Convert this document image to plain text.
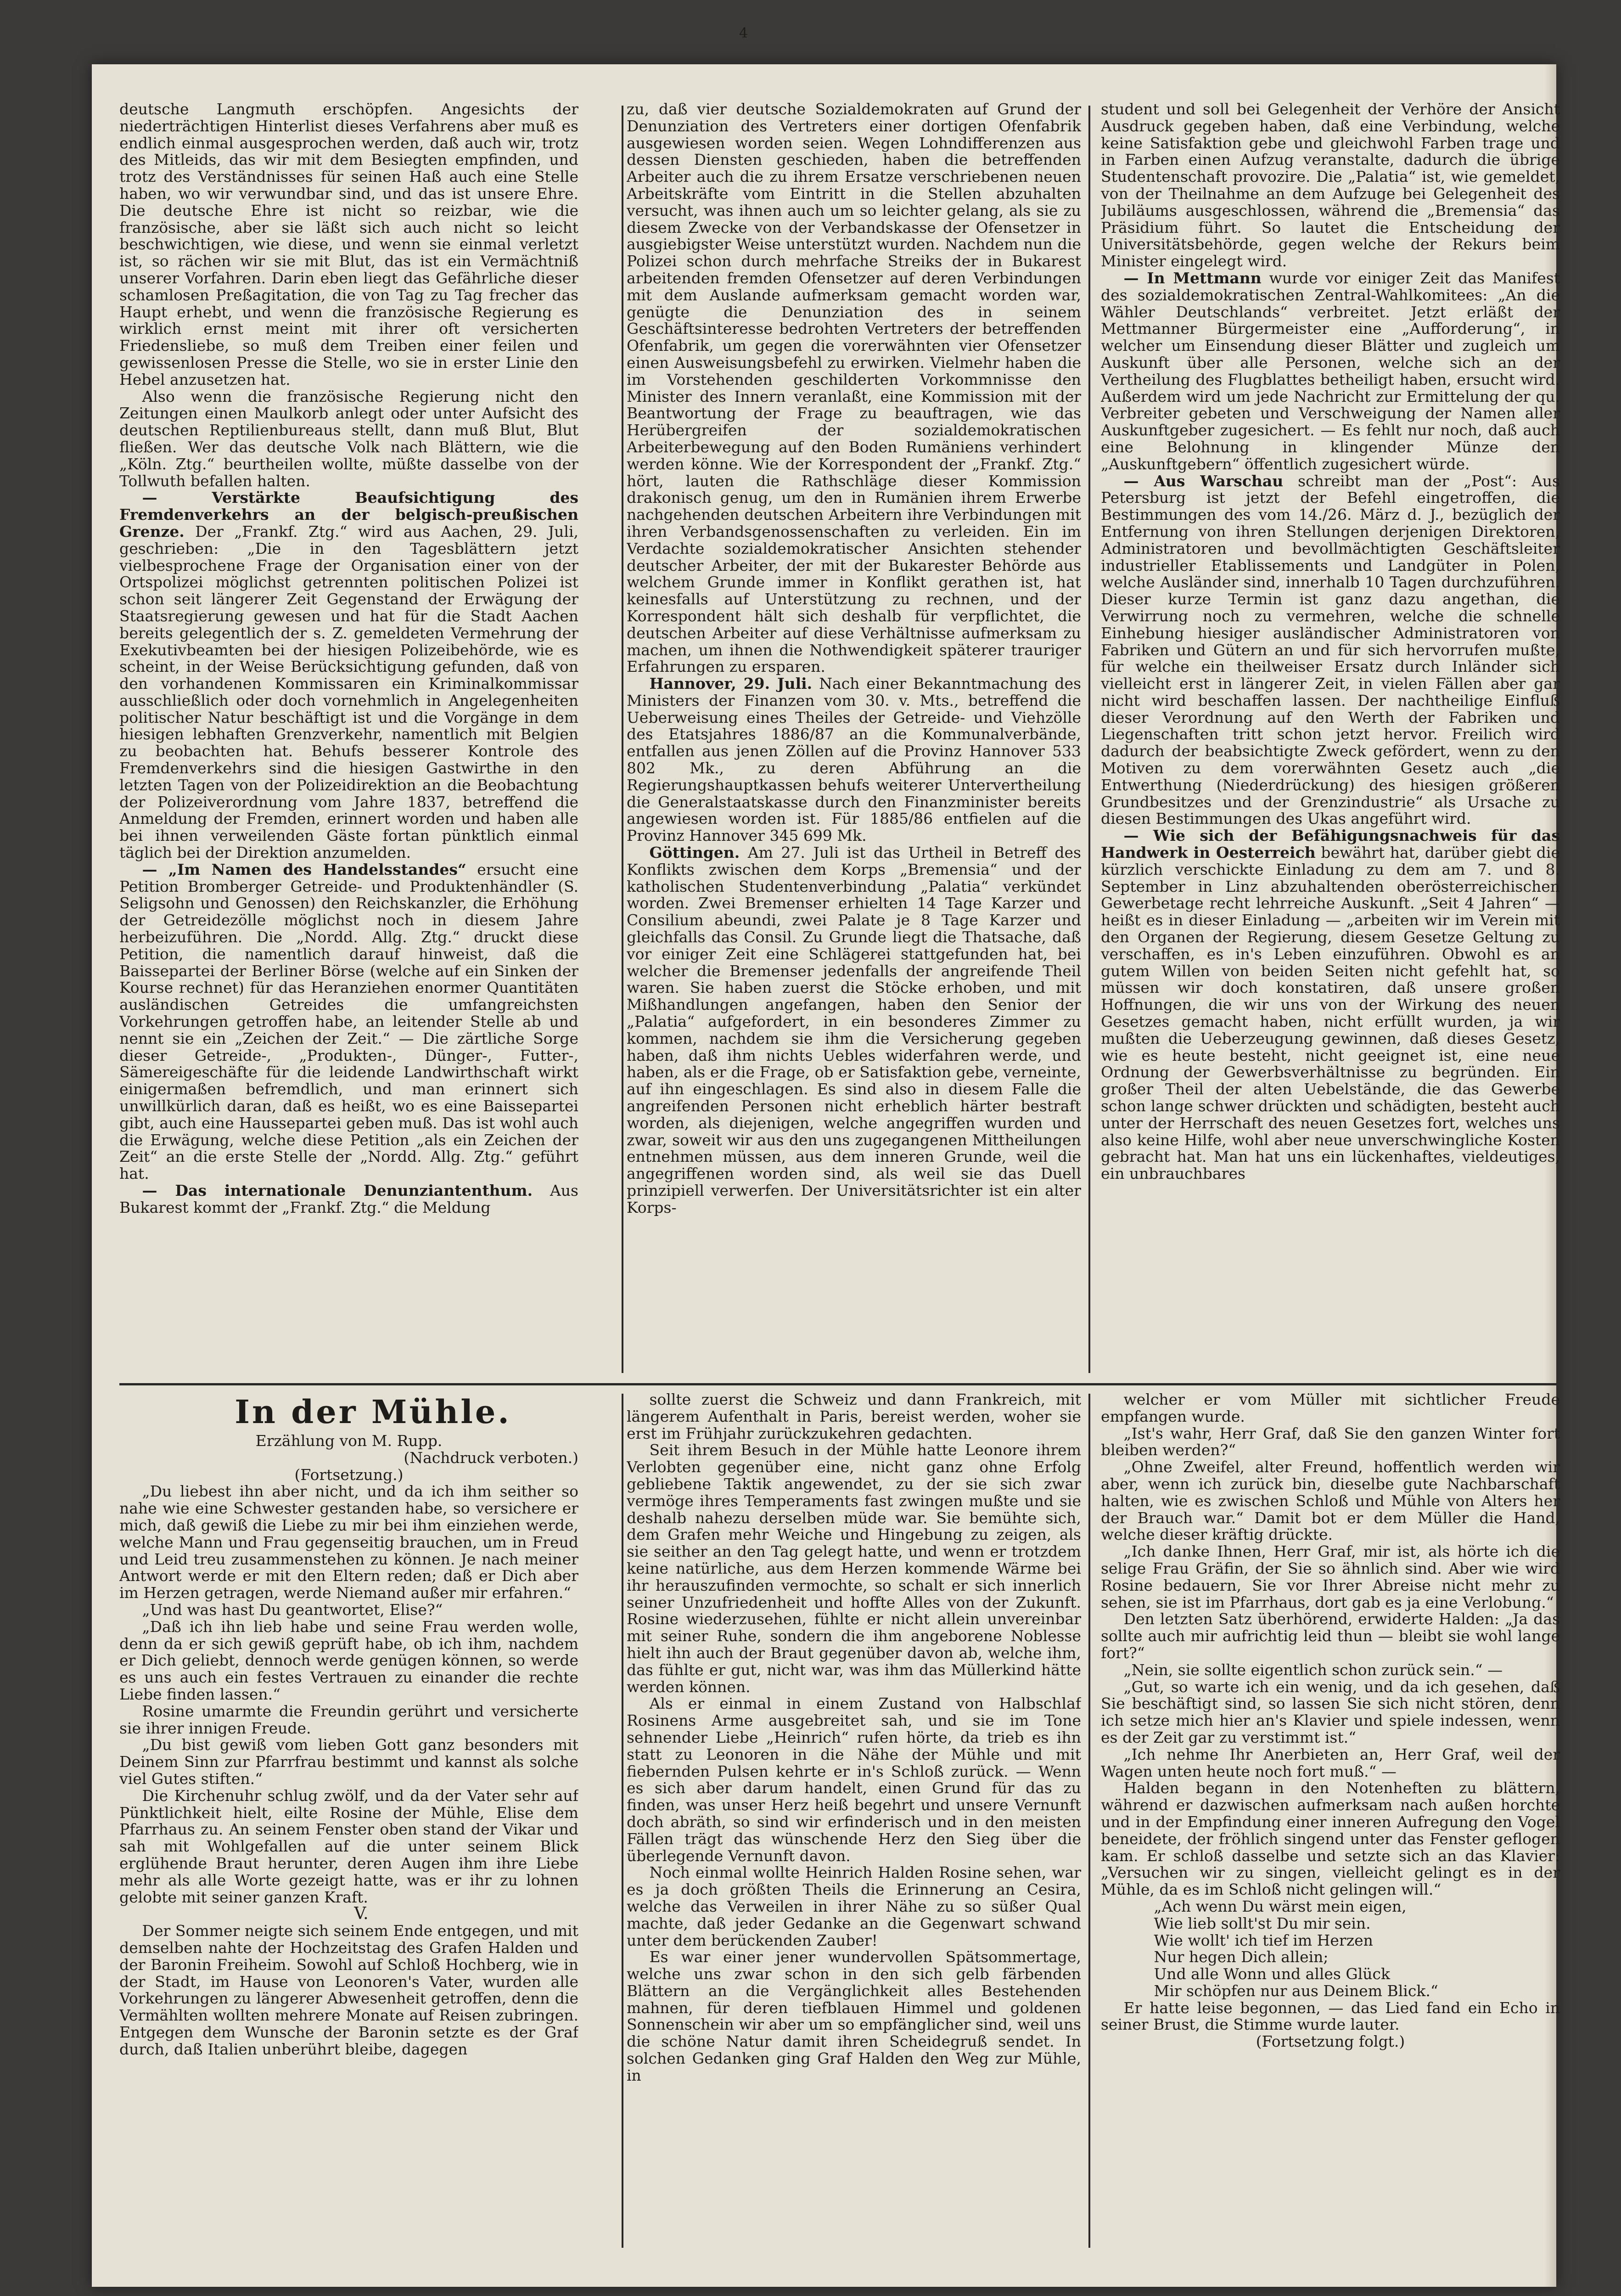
4

deutsche Langmuth erschöpfen. Angesichts der niederträchtigen Hinterlist dieses Verfahrens aber muß es endlich einmal ausgesprochen werden, daß auch wir, trotz des Mitleids, das wir mit dem Besiegten empfinden, und trotz des Verständnisses für seinen Haß auch eine Stelle haben, wo wir verwundbar sind, und das ist unsere Ehre. Die deutsche Ehre ist nicht so reizbar, wie die französische, aber sie läßt sich auch nicht so leicht beschwichtigen, wie diese, und wenn sie einmal verletzt ist, so rächen wir sie mit Blut, das ist ein Vermächtniß unserer Vorfahren. Darin eben liegt das Gefährliche dieser schamlosen Preßagitation, die von Tag zu Tag frecher das Haupt erhebt, und wenn die französische Regierung es wirklich ernst meint mit ihrer oft versicherten Friedensliebe, so muß dem Treiben einer feilen und gewissenlosen Presse die Stelle, wo sie in erster Linie den Hebel anzusetzen hat.

Also wenn die französische Regierung nicht den Zeitungen einen Maulkorb anlegt oder unter Aufsicht des deutschen Reptilienbureaus stellt, dann muß Blut, Blut fließen. Wer das deutsche Volk nach Blättern, wie die „Köln. Ztg.“ beurtheilen wollte, müßte dasselbe von der Tollwuth befallen halten.

— Verstärkte Beaufsichtigung des Fremdenverkehrs an der belgisch-preußischen Grenze. Der „Frankf. Ztg.“ wird aus Aachen, 29. Juli, geschrieben: „Die in den Tagesblättern jetzt vielbesprochene Frage der Organisation einer von der Ortspolizei möglichst getrennten politischen Polizei ist schon seit längerer Zeit Gegenstand der Erwägung der Staatsregierung gewesen und hat für die Stadt Aachen bereits gelegentlich der s. Z. gemeldeten Vermehrung der Exekutivbeamten bei der hiesigen Polizeibehörde, wie es scheint, in der Weise Berücksichtigung gefunden, daß von den vorhandenen Kommissaren ein Kriminalkommissar ausschließlich oder doch vornehmlich in Angelegenheiten politischer Natur beschäftigt ist und die Vorgänge in dem hiesigen lebhaften Grenzverkehr, namentlich mit Belgien zu beobachten hat. Behufs besserer Kontrole des Fremdenverkehrs sind die hiesigen Gastwirthe in den letzten Tagen von der Polizeidirektion an die Beobachtung der Polizeiverordnung vom Jahre 1837, betreffend die Anmeldung der Fremden, erinnert worden und haben alle bei ihnen verweilenden Gäste fortan pünktlich einmal täglich bei der Direktion anzumelden.

— „Im Namen des Handelsstandes“ ersucht eine Petition Bromberger Getreide- und Produktenhändler (S. Seligsohn und Genossen) den Reichskanzler, die Erhöhung der Getreidezölle möglichst noch in diesem Jahre herbeizuführen. Die „Nordd. Allg. Ztg.“ druckt diese Petition, die namentlich darauf hinweist, daß die Baissepartei der Berliner Börse (welche auf ein Sinken der Kourse rechnet) für das Heranziehen enormer Quantitäten ausländischen Getreides die umfangreichsten Vorkehrungen getroffen habe, an leitender Stelle ab und nennt sie ein „Zeichen der Zeit.“ — Die zärtliche Sorge dieser Getreide-, „Produkten-, Dünger-, Futter-, Sämereigeschäfte für die leidende Landwirthschaft wirkt einigermaßen befremdlich, und man erinnert sich unwillkürlich daran, daß es heißt, wo es eine Baissepartei gibt, auch eine Haussepartei geben muß. Das ist wohl auch die Erwägung, welche diese Petition „als ein Zeichen der Zeit“ an die erste Stelle der „Nordd. Allg. Ztg.“ geführt hat.

— Das internationale Denunziantenthum. Aus Bukarest kommt der „Frankf. Ztg.“ die Meldung

zu, daß vier deutsche Sozialdemokraten auf Grund der Denunziation des Vertreters einer dortigen Ofenfabrik ausgewiesen worden seien. Wegen Lohndifferenzen aus dessen Diensten geschieden, haben die betreffenden Arbeiter auch die zu ihrem Ersatze verschriebenen neuen Arbeitskräfte vom Eintritt in die Stellen abzuhalten versucht, was ihnen auch um so leichter gelang, als sie zu diesem Zwecke von der Verbandskasse der Ofensetzer in ausgiebigster Weise unterstützt wurden. Nachdem nun die Polizei schon durch mehrfache Streiks der in Bukarest arbeitenden fremden Ofensetzer auf deren Verbindungen mit dem Auslande aufmerksam gemacht worden war, genügte die Denunziation des in seinem Geschäftsinteresse bedrohten Vertreters der betreffenden Ofenfabrik, um gegen die vorerwähnten vier Ofensetzer einen Ausweisungsbefehl zu erwirken. Vielmehr haben die im Vorstehenden geschilderten Vorkommnisse den Minister des Innern veranlaßt, eine Kommission mit der Beantwortung der Frage zu beauftragen, wie das Herübergreifen der sozialdemokratischen Arbeiterbewegung auf den Boden Rumäniens verhindert werden könne. Wie der Korrespondent der „Frankf. Ztg.“ hört, lauten die Rathschläge dieser Kommission drakonisch genug, um den in Rumänien ihrem Erwerbe nachgehenden deutschen Arbeitern ihre Verbindungen mit ihren Verbandsgenossenschaften zu verleiden. Ein im Verdachte sozialdemokratischer Ansichten stehender deutscher Arbeiter, der mit der Bukarester Behörde aus welchem Grunde immer in Konflikt gerathen ist, hat keinesfalls auf Unterstützung zu rechnen, und der Korrespondent hält sich deshalb für verpflichtet, die deutschen Arbeiter auf diese Verhältnisse aufmerksam zu machen, um ihnen die Nothwendigkeit späterer trauriger Erfahrungen zu ersparen.

Hannover, 29. Juli. Nach einer Bekanntmachung des Ministers der Finanzen vom 30. v. Mts., betreffend die Ueberweisung eines Theiles der Getreide- und Viehzölle des Etatsjahres 1886/87 an die Kommunalverbände, entfallen aus jenen Zöllen auf die Provinz Hannover 533 802 Mk., zu deren Abführung an die Regierungshauptkassen behufs weiterer Untervertheilung die Generalstaatskasse durch den Finanzminister bereits angewiesen worden ist. Für 1885/86 entfielen auf die Provinz Hannover 345 699 Mk.

Göttingen. Am 27. Juli ist das Urtheil in Betreff des Konflikts zwischen dem Korps „Bremensia“ und der katholischen Studentenverbindung „Palatia“ verkündet worden. Zwei Bremenser erhielten 14 Tage Karzer und Consilium abeundi, zwei Palate je 8 Tage Karzer und gleichfalls das Consil. Zu Grunde liegt die Thatsache, daß vor einiger Zeit eine Schlägerei stattgefunden hat, bei welcher die Bremenser jedenfalls der angreifende Theil waren. Sie haben zuerst die Stöcke erhoben, und mit Mißhandlungen angefangen, haben den Senior der „Palatia“ aufgefordert, in ein besonderes Zimmer zu kommen, nachdem sie ihm die Versicherung gegeben haben, daß ihm nichts Uebles widerfahren werde, und haben, als er die Frage, ob er Satisfaktion gebe, verneinte, auf ihn eingeschlagen. Es sind also in diesem Falle die angreifenden Personen nicht erheblich härter bestraft worden, als diejenigen, welche angegriffen wurden und zwar, soweit wir aus den uns zugegangenen Mittheilungen entnehmen müssen, aus dem inneren Grunde, weil die angegriffenen worden sind, als weil sie das Duell prinzipiell verwerfen. Der Universitätsrichter ist ein alter Korps-

student und soll bei Gelegenheit der Verhöre der Ansicht Ausdruck gegeben haben, daß eine Verbindung, welche keine Satisfaktion gebe und gleichwohl Farben trage und in Farben einen Aufzug veranstalte, dadurch die übrige Studentenschaft provozire. Die „Palatia“ ist, wie gemeldet, von der Theilnahme an dem Aufzuge bei Gelegenheit des Jubiläums ausgeschlossen, während die „Bremensia“ das Präsidium führt. So lautet die Entscheidung der Universitätsbehörde, gegen welche der Rekurs beim Minister eingelegt wird.

— In Mettmann wurde vor einiger Zeit das Manifest des sozialdemokratischen Zentral-Wahlkomitees: „An die Wähler Deutschlands“ verbreitet. Jetzt erläßt der Mettmanner Bürgermeister eine „Aufforderung“, in welcher um Einsendung dieser Blätter und zugleich um Auskunft über alle Personen, welche sich an der Vertheilung des Flugblattes betheiligt haben, ersucht wird. Außerdem wird um jede Nachricht zur Ermittelung der qu. Verbreiter gebeten und Verschweigung der Namen aller Auskunftgeber zugesichert. — Es fehlt nur noch, daß auch eine Belohnung in klingender Münze den „Auskunftgebern“ öffentlich zugesichert würde.

— Aus Warschau schreibt man der „Post“: Aus Petersburg ist jetzt der Befehl eingetroffen, die Bestimmungen des vom 14./26. März d. J., bezüglich der Entfernung von ihren Stellungen derjenigen Direktoren, Administratoren und bevollmächtigten Geschäftsleiter industrieller Etablissements und Landgüter in Polen, welche Ausländer sind, innerhalb 10 Tagen durchzuführen. Dieser kurze Termin ist ganz dazu angethan, die Verwirrung noch zu vermehren, welche die schnelle Einhebung hiesiger ausländischer Administratoren von Fabriken und Gütern an und für sich hervorrufen mußte, für welche ein theilweiser Ersatz durch Inländer sich vielleicht erst in längerer Zeit, in vielen Fällen aber gar nicht wird beschaffen lassen. Der nachtheilige Einfluß dieser Verordnung auf den Werth der Fabriken und Liegenschaften tritt schon jetzt hervor. Freilich wird dadurch der beabsichtigte Zweck gefördert, wenn zu den Motiven zu dem vorerwähnten Gesetz auch „die Entwerthung (Niederdrückung) des hiesigen größeren Grundbesitzes und der Grenzindustrie“ als Ursache zu diesen Bestimmungen des Ukas angeführt wird.

— Wie sich der Befähigungsnachweis für das Handwerk in Oesterreich bewährt hat, darüber giebt die kürzlich verschickte Einladung zu dem am 7. und 8. September in Linz abzuhaltenden oberösterreichischen Gewerbetage recht lehrreiche Auskunft. „Seit 4 Jahren“ — heißt es in dieser Einladung — „arbeiten wir im Verein mit den Organen der Regierung, diesem Gesetze Geltung zu verschaffen, es in's Leben einzuführen. Obwohl es an gutem Willen von beiden Seiten nicht gefehlt hat, so müssen wir doch konstatiren, daß unsere großen Hoffnungen, die wir uns von der Wirkung des neuen Gesetzes gemacht haben, nicht erfüllt wurden, ja wir mußten die Ueberzeugung gewinnen, daß dieses Gesetz, wie es heute besteht, nicht geeignet ist, eine neue Ordnung der Gewerbsverhältnisse zu begründen. Ein großer Theil der alten Uebelstände, die das Gewerbe schon lange schwer drückten und schädigten, besteht auch unter der Herrschaft des neuen Gesetzes fort, welches uns also keine Hilfe, wohl aber neue unverschwingliche Kosten gebracht hat. Man hat uns ein lückenhaftes, vieldeutiges, ein unbrauchbares

In der Mühle.

Erzählung von M. Rupp.

(Nachdruck verboten.)

(Fortsetzung.)

„Du liebest ihn aber nicht, und da ich ihm seither so nahe wie eine Schwester gestanden habe, so versichere er mich, daß gewiß die Liebe zu mir bei ihm einziehen werde, welche Mann und Frau gegenseitig brauchen, um in Freud und Leid treu zusammenstehen zu können. Je nach meiner Antwort werde er mit den Eltern reden; daß er Dich aber im Herzen getragen, werde Niemand außer mir erfahren.“

„Und was hast Du geantwortet, Elise?“

„Daß ich ihn lieb habe und seine Frau werden wolle, denn da er sich gewiß geprüft habe, ob ich ihm, nachdem er Dich geliebt, dennoch werde genügen können, so werde es uns auch ein festes Vertrauen zu einander die rechte Liebe finden lassen.“

Rosine umarmte die Freundin gerührt und versicherte sie ihrer innigen Freude.

„Du bist gewiß vom lieben Gott ganz besonders mit Deinem Sinn zur Pfarrfrau bestimmt und kannst als solche viel Gutes stiften.“

Die Kirchenuhr schlug zwölf, und da der Vater sehr auf Pünktlichkeit hielt, eilte Rosine der Mühle, Elise dem Pfarrhaus zu. An seinem Fenster oben stand der Vikar und sah mit Wohlgefallen auf die unter seinem Blick erglühende Braut herunter, deren Augen ihm ihre Liebe mehr als alle Worte gezeigt hatte, was er ihr zu lohnen gelobte mit seiner ganzen Kraft.

V.

Der Sommer neigte sich seinem Ende entgegen, und mit demselben nahte der Hochzeitstag des Grafen Halden und der Baronin Freiheim. Sowohl auf Schloß Hochberg, wie in der Stadt, im Hause von Leonoren's Vater, wurden alle Vorkehrungen zu längerer Abwesenheit getroffen, denn die Vermählten wollten mehrere Monate auf Reisen zubringen. Entgegen dem Wunsche der Baronin setzte es der Graf durch, daß Italien unberührt bleibe, dagegen

sollte zuerst die Schweiz und dann Frankreich, mit längerem Aufenthalt in Paris, bereist werden, woher sie erst im Frühjahr zurückzukehren gedachten.

Seit ihrem Besuch in der Mühle hatte Leonore ihrem Verlobten gegenüber eine, nicht ganz ohne Erfolg gebliebene Taktik angewendet, zu der sie sich zwar vermöge ihres Temperaments fast zwingen mußte und sie deshalb nahezu derselben müde war. Sie bemühte sich, dem Grafen mehr Weiche und Hingebung zu zeigen, als sie seither an den Tag gelegt hatte, und wenn er trotzdem keine natürliche, aus dem Herzen kommende Wärme bei ihr herauszufinden vermochte, so schalt er sich innerlich seiner Unzufriedenheit und hoffte Alles von der Zukunft. Rosine wiederzusehen, fühlte er nicht allein unvereinbar mit seiner Ruhe, sondern die ihm angeborene Noblesse hielt ihn auch der Braut gegenüber davon ab, welche ihm, das fühlte er gut, nicht war, was ihm das Müllerkind hätte werden können.

Als er einmal in einem Zustand von Halbschlaf Rosinens Arme ausgebreitet sah, und sie im Tone sehnender Liebe „Heinrich“ rufen hörte, da trieb es ihn statt zu Leonoren in die Nähe der Mühle und mit fiebernden Pulsen kehrte er in's Schloß zurück. — Wenn es sich aber darum handelt, einen Grund für das zu finden, was unser Herz heiß begehrt und unsere Vernunft doch abräth, so sind wir erfinderisch und in den meisten Fällen trägt das wünschende Herz den Sieg über die überlegende Vernunft davon.

Noch einmal wollte Heinrich Halden Rosine sehen, war es ja doch größten Theils die Erinnerung an Cesira, welche das Verweilen in ihrer Nähe zu so süßer Qual machte, daß jeder Gedanke an die Gegenwart schwand unter dem berückenden Zauber!

Es war einer jener wundervollen Spätsommertage, welche uns zwar schon in den sich gelb färbenden Blättern an die Vergänglichkeit alles Bestehenden mahnen, für deren tiefblauen Himmel und goldenen Sonnenschein wir aber um so empfänglicher sind, weil uns die schöne Natur damit ihren Scheidegruß sendet. In solchen Gedanken ging Graf Halden den Weg zur Mühle, in

welcher er vom Müller mit sichtlicher Freude empfangen wurde.

„Ist's wahr, Herr Graf, daß Sie den ganzen Winter fort bleiben werden?“

„Ohne Zweifel, alter Freund, hoffentlich werden wir aber, wenn ich zurück bin, dieselbe gute Nachbarschaft halten, wie es zwischen Schloß und Mühle von Alters her der Brauch war.“ Damit bot er dem Müller die Hand, welche dieser kräftig drückte.

„Ich danke Ihnen, Herr Graf, mir ist, als hörte ich die selige Frau Gräfin, der Sie so ähnlich sind. Aber wie wird Rosine bedauern, Sie vor Ihrer Abreise nicht mehr zu sehen, sie ist im Pfarrhaus, dort gab es ja eine Verlobung.“

Den letzten Satz überhörend, erwiderte Halden: „Ja das sollte auch mir aufrichtig leid thun — bleibt sie wohl lange fort?“

„Nein, sie sollte eigentlich schon zurück sein.“ —

„Gut, so warte ich ein wenig, und da ich gesehen, daß Sie beschäftigt sind, so lassen Sie sich nicht stören, denn ich setze mich hier an's Klavier und spiele indessen, wenn es der Zeit gar zu verstimmt ist.“

„Ich nehme Ihr Anerbieten an, Herr Graf, weil der Wagen unten heute noch fort muß.“ —

Halden begann in den Notenheften zu blättern, während er dazwischen aufmerksam nach außen horchte und in der Empfindung einer inneren Aufregung den Vogel beneidete, der fröhlich singend unter das Fenster geflogen kam. Er schloß dasselbe und setzte sich an das Klavier: „Versuchen wir zu singen, vielleicht gelingt es in der Mühle, da es im Schloß nicht gelingen will.“

„Ach wenn Du wärst mein eigen,

Wie lieb sollt'st Du mir sein.

Wie wollt' ich tief im Herzen

Nur hegen Dich allein;

Und alle Wonn und alles Glück

Mir schöpfen nur aus Deinem Blick.“

Er hatte leise begonnen, — das Lied fand ein Echo in seiner Brust, die Stimme wurde lauter.

(Fortsetzung folgt.)
